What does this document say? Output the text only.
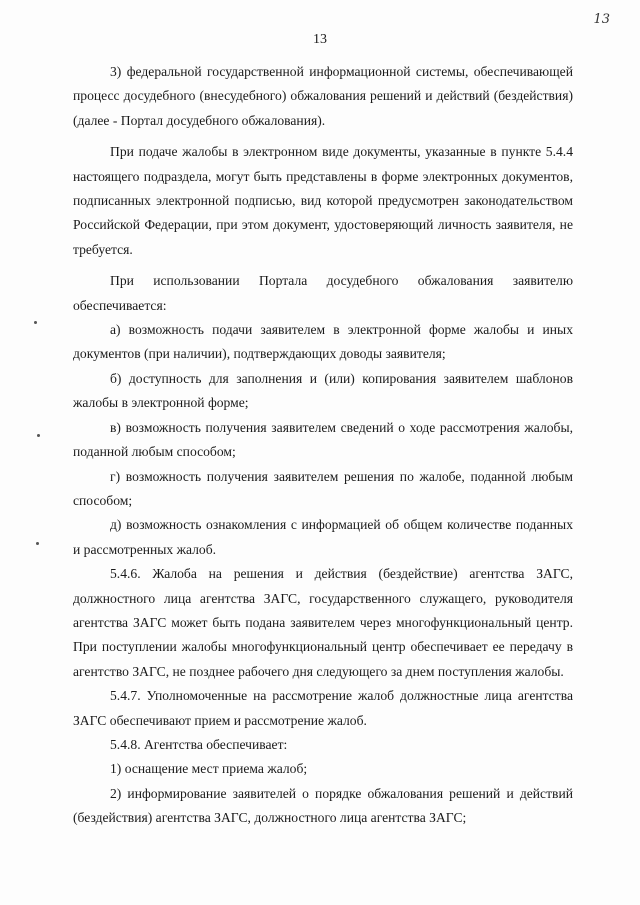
13
13

3) федеральной государственной информационной системы, обеспечивающей процесс досудебного (внесудебного) обжалования решений и действий (бездействия) (далее - Портал досудебного обжалования).

При подаче жалобы в электронном виде документы, указанные в пункте 5.4.4 настоящего подраздела, могут быть представлены в форме электронных документов, подписанных электронной подписью, вид которой предусмотрен законодательством Российской Федерации, при этом документ, удостоверяющий личность заявителя, не требуется.

При использовании Портала досудебного обжалования заявителю обеспечивается:

а) возможность подачи заявителем в электронной форме жалобы и иных документов (при наличии), подтверждающих доводы заявителя;

б) доступность для заполнения и (или) копирования заявителем шаблонов жалобы в электронной форме;

в) возможность получения заявителем сведений о ходе рассмотрения жалобы, поданной любым способом;

г) возможность получения заявителем решения по жалобе, поданной любым способом;

д) возможность ознакомления с информацией об общем количестве поданных и рассмотренных жалоб.

5.4.6. Жалоба на решения и действия (бездействие) агентства ЗАГС, должностного лица агентства ЗАГС, государственного служащего, руководителя агентства ЗАГС может быть подана заявителем через многофункциональный центр. При поступлении жалобы многофункциональный центр обеспечивает ее передачу в агентство ЗАГС, не позднее рабочего дня следующего за днем поступления жалобы.

5.4.7. Уполномоченные на рассмотрение жалоб должностные лица агентства ЗАГС обеспечивают прием и рассмотрение жалоб.

5.4.8. Агентства обеспечивает:

1) оснащение мест приема жалоб;

2) информирование заявителей о порядке обжалования решений и действий (бездействия) агентства ЗАГС, должностного лица агентства ЗАГС;
